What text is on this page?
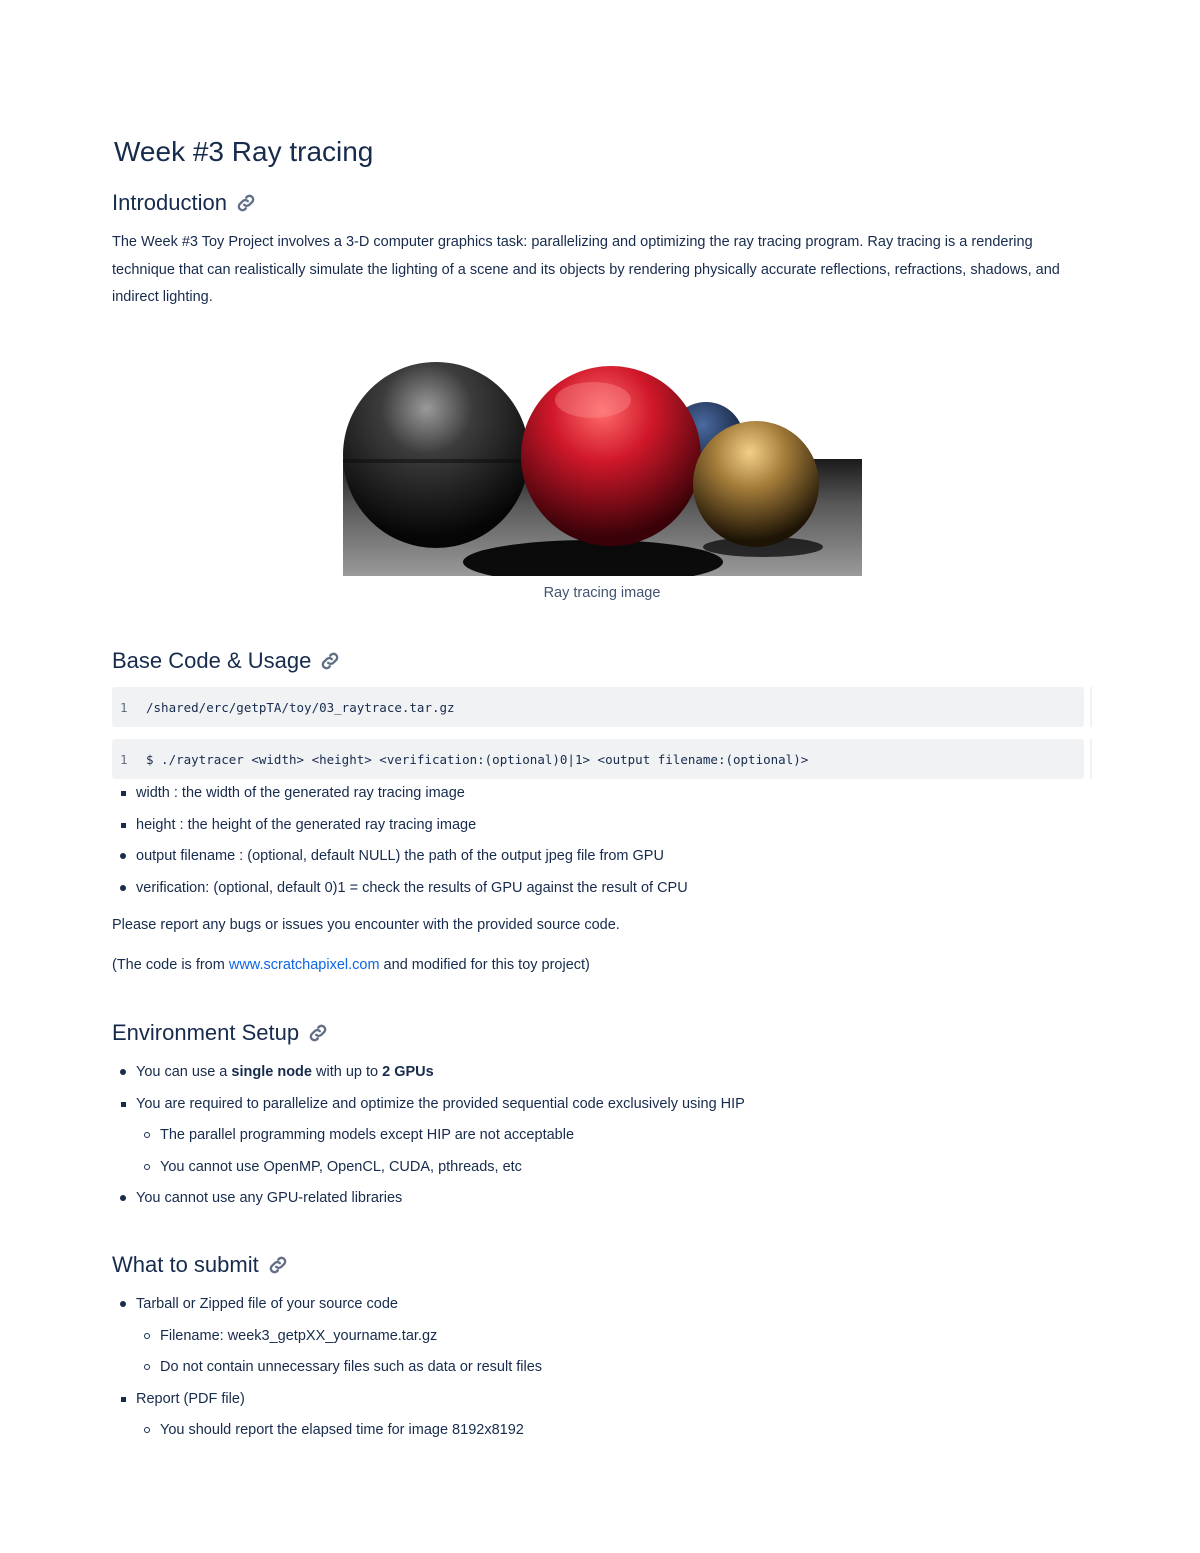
Week #3 Ray tracing
Introduction

The Week #3 Toy Project involves a 3-D computer graphics task: parallelizing and optimizing the ray tracing program. Ray tracing is a rendering technique that can realistically simulate the lighting of a scene and its objects by rendering physically accurate reflections, refractions, shadows, and indirect lighting.

Ray tracing image
Base Code & Usage
1	/shared/erc/getpTA/toy/03_raytrace.tar.gz
1	$ ./raytracer <width> <height> <verification:(optional)0|1> <output filename:(optional)>
width : the width of the generated ray tracing image
height : the height of the generated ray tracing image
output filename : (optional, default NULL) the path of the output jpeg file from GPU
verification: (optional, default 0)1 = check the results of GPU against the result of CPU

Please report any bugs or issues you encounter with the provided source code.

(The code is from www.scratchapixel.com and modified for this toy project)

Environment Setup
You can use a single node with up to 2 GPUs
You are required to parallelize and optimize the provided sequential code exclusively using HIP
The parallel programming models except HIP are not acceptable
You cannot use OpenMP, OpenCL, CUDA, pthreads, etc
You cannot use any GPU-related libraries
What to submit
Tarball or Zipped file of your source code
Filename: week3_getpXX_yourname.tar.gz
Do not contain unnecessary files such as data or result files
Report (PDF file)
You should report the elapsed time for image 8192x8192
